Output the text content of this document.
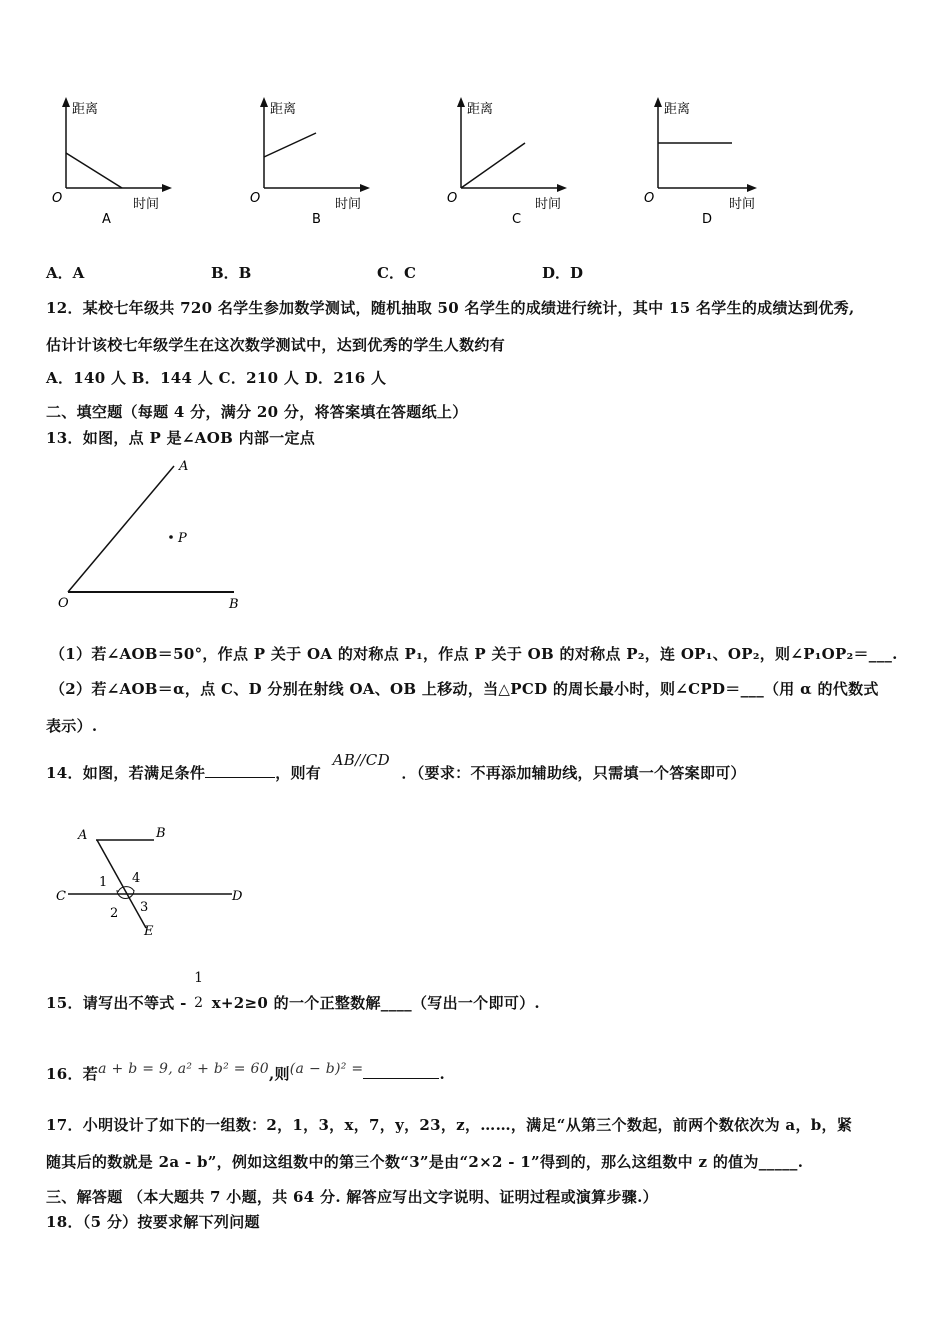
距离
O	时间
A
距离
O	时间
B
距离
O	时间
C
距离
O	时间
D
A．A	B．B	C．C	D．D
12．某校七年级共 720 名学生参加数学测试，随机抽取 50 名学生的成绩进行统计，其中 15 名学生的成绩达到优秀,
估计计该校七年级学生在这次数学测试中，达到优秀的学生人数约有
A．140 人 B．144 人 C．210 人 D．216 人
二、填空题（每题 4 分，满分 20 分，将答案填在答题纸上）
13．如图，点 P 是∠AOB 内部一定点
A
P
O	B
（1）若∠AOB＝50°，作点 P 关于 OA 的对称点 P₁，作点 P 关于 OB 的对称点 P₂，连 OP₁、OP₂，则∠P₁OP₂＝___.
（2）若∠AOB＝α，点 C、D 分别在射线 OA、OB 上移动，当△PCD 的周长最小时，则∠CPD＝___（用 α 的代数式
表示）.
14．如图，若满足条件	，则有 AB//CD ．（要求：不再添加辅助线，只需填一个答案即可）
A	B
C	D
E
1
2 3
4
15．请写出不等式 -
1
2 x+2≥0 的一个正整数解____（写出一个即可）.
16．若a + b = 9, a² + b² = 60,则(a − b)² =	.
17．小明设计了如下的一组数：2，1，3，x，7，y，23，z，……，满足“从第三个数起，前两个数依次为 a，b，紧
随其后的数就是 2a - b”，例如这组数中的第三个数“3”是由“2×2 - 1”得到的，那么这组数中 z 的值为_____.
三、解答题 （本大题共 7 小题，共 64 分. 解答应写出文字说明、证明过程或演算步骤.）
18．（5 分）按要求解下列问题
